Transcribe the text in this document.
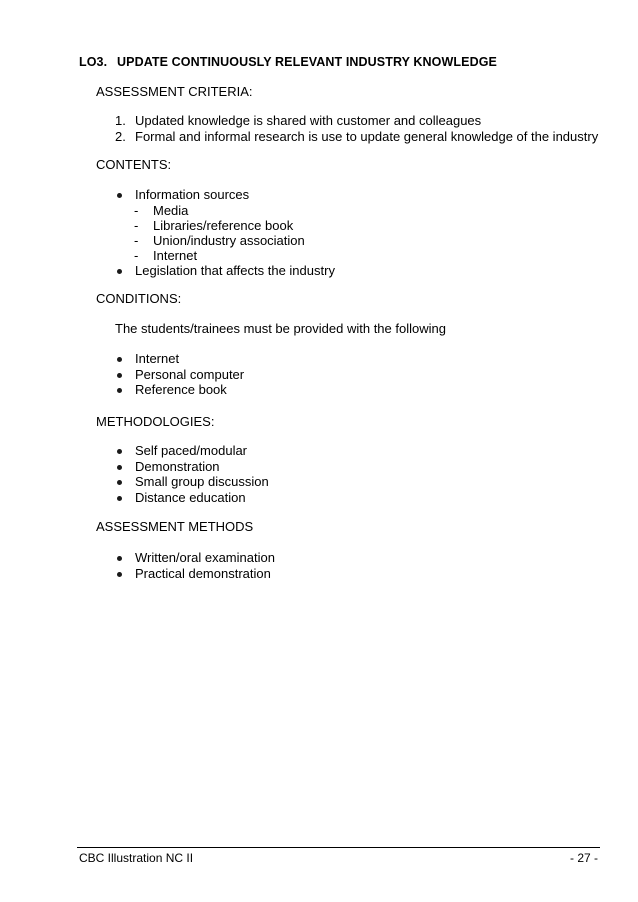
LO3. UPDATE CONTINUOUSLY RELEVANT INDUSTRY KNOWLEDGE
ASSESSMENT CRITERIA:
1. Updated knowledge is shared with customer and colleagues
2. Formal and informal research is use to update general knowledge of the industry
CONTENTS:
Information sources
- Media
- Libraries/reference book
- Union/industry association
- Internet
Legislation that affects the industry
CONDITIONS:
The students/trainees must be provided with the following
Internet
Personal computer
Reference book
METHODOLOGIES:
Self paced/modular
Demonstration
Small group discussion
Distance education
ASSESSMENT METHODS
Written/oral examination
Practical demonstration
CBC Illustration NC II	- 27 -
